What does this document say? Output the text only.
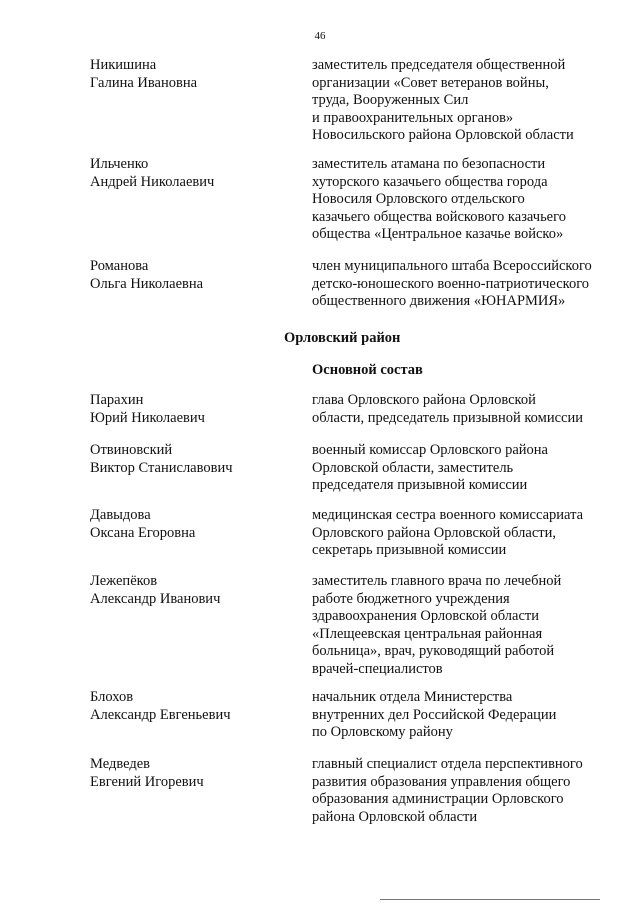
46
Никишина
Галина Ивановна
заместитель председателя общественной
организации «Совет ветеранов войны,
труда, Вооруженных Сил
и правоохранительных органов»
Новосильского района Орловской области
Ильченко
Андрей Николаевич
заместитель атамана по безопасности
хуторского казачьего общества города
Новосиля Орловского отдельского
казачьего общества войскового казачьего
общества «Центральное казачье войско»
Романова
Ольга Николаевна
член муниципального штаба Всероссийского
детско-юношеского военно-патриотического
общественного движения «ЮНАРМИЯ»
Орловский район
Основной состав
Парахин
Юрий Николаевич
глава Орловского района Орловской
области, председатель призывной комиссии
Отвиновский
Виктор Станиславович
военный комиссар Орловского района
Орловской области, заместитель
председателя призывной комиссии
Давыдова
Оксана Егоровна
медицинская сестра военного комиссариата
Орловского района Орловской области,
секретарь призывной комиссии
Лежепёков
Александр Иванович
заместитель главного врача по лечебной
работе бюджетного учреждения
здравоохранения Орловской области
«Плещеевская центральная районная
больница», врач, руководящий работой
врачей-специалистов
Блохов
Александр Евгеньевич
начальник отдела Министерства
внутренних дел Российской Федерации
по Орловскому району
Медведев
Евгений Игоревич
главный специалист отдела перспективного
развития образования управления общего
образования администрации Орловского
района Орловской области
